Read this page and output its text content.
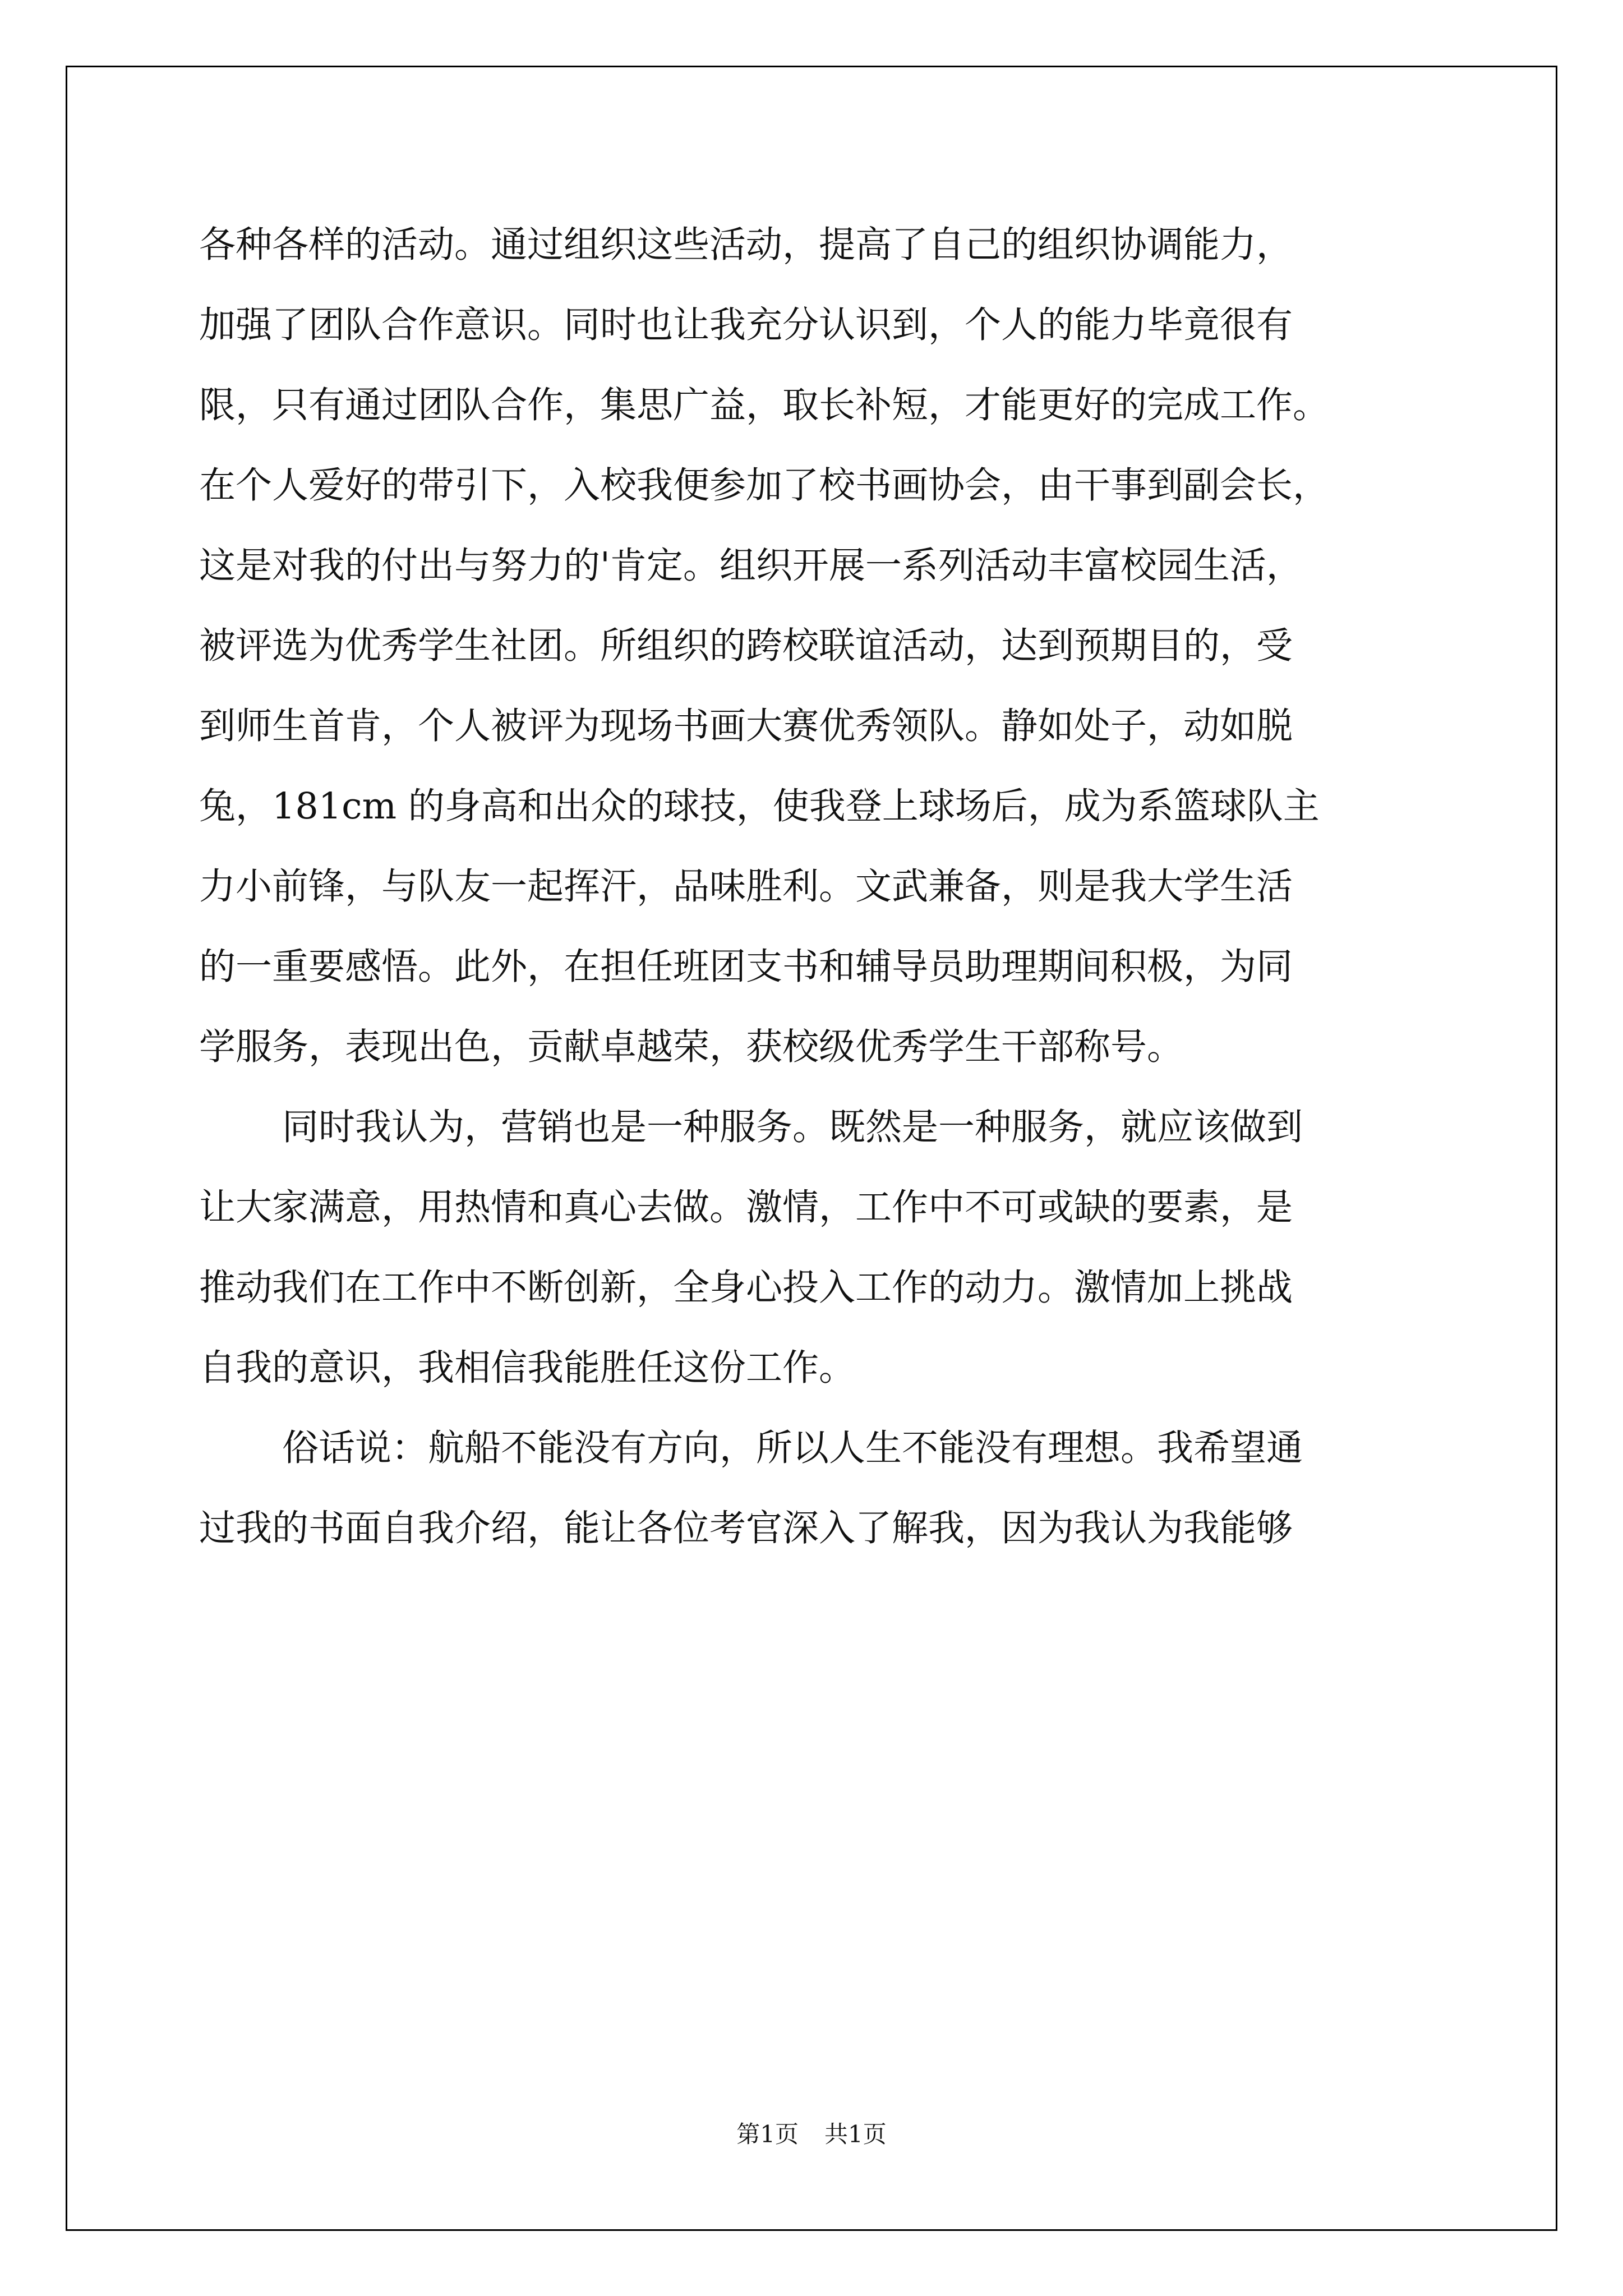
各种各样的活动。通过组织这些活动，提高了自己的组织协调能力，
加强了团队合作意识。同时也让我充分认识到，个人的能力毕竟很有
限，只有通过团队合作，集思广益，取长补短，才能更好的完成工作。
在个人爱好的带引下，入校我便参加了校书画协会，由干事到副会长，
这是对我的付出与努力的'肯定。组织开展一系列活动丰富校园生活，
被评选为优秀学生社团。所组织的跨校联谊活动，达到预期目的，受
到师生首肯，个人被评为现场书画大赛优秀领队。静如处子，动如脱
兔，181cm 的身高和出众的球技，使我登上球场后，成为系篮球队主
力小前锋，与队友一起挥汗，品味胜利。文武兼备，则是我大学生活
的一重要感悟。此外，在担任班团支书和辅导员助理期间积极，为同
学服务，表现出色，贡献卓越荣，获校级优秀学生干部称号。
同时我认为，营销也是一种服务。既然是一种服务，就应该做到
让大家满意，用热情和真心去做。激情，工作中不可或缺的要素，是
推动我们在工作中不断创新，全身心投入工作的动力。激情加上挑战
自我的意识，我相信我能胜任这份工作。
俗话说：航船不能没有方向，所以人生不能没有理想。我希望通
过我的书面自我介绍，能让各位考官深入了解我，因为我认为我能够
第1页 共1页
